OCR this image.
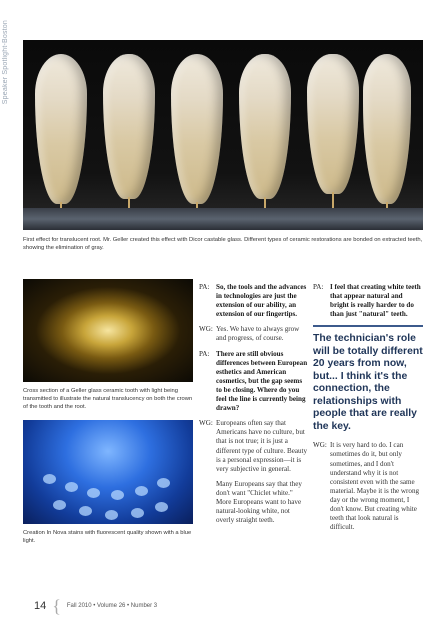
Speaker Spotlight-Boston
First effect for translucent root. Mr. Geller created this effect with Dicor castable glass. Different types of ceramic restorations are bonded on extracted teeth, showing the elimination of gray.
Cross section of a Geller glass ceramic tooth with light being transmitted to illustrate the natural translucency on both the crown of the tooth and the root.
Creation In Nova stains with fluorescent quality shown with a blue light.
PA: So, the tools and the advances in technologies are just the extension of our ability, an extension of our fingertips.
WG: Yes. We have to always grow and progress, of course.
PA: There are still obvious differences between European esthetics and American cosmetics, but the gap seems to be closing. Where do you feel the line is currently being drawn?
WG: Europeans often say that Americans have no culture, but that is not true; it is just a different type of culture. Beauty is a personal expression—it is very subjective in general.
Many Europeans say that they don't want "Chiclet white." More Europeans want to have natural-looking white, not overly straight teeth.
PA: I feel that creating white teeth that appear natural and bright is really harder to do than just "natural" teeth.
The technician's role will be totally different 20 years from now, but... I think it's the connection, the relationships with people that are really the key.
WG: It is very hard to do. I can sometimes do it, but only sometimes, and I don't understand why it is not consistent even with the same material. Maybe it is the wrong day or the wrong moment, I don't know. But creating white teeth that look natural is difficult.
14 { Fall 2010 • Volume 26 • Number 3
